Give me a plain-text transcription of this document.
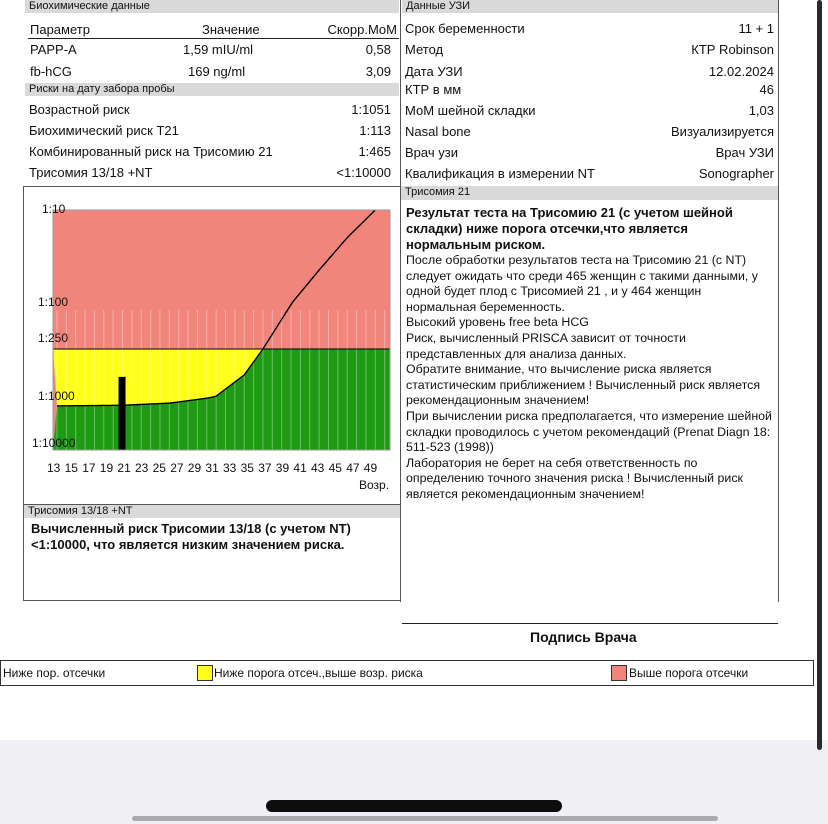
Биохимические данные
Параметр	Значение	Скорр.МоМ
PAPP-A	1,59 mIU/ml	0,58
fb-hCG	169 ng/ml	3,09
Риски на дату забора пробы
Возрастной риск	1:1051
Биохимический риск T21	1:113
Комбинированный риск на Трисомию 21	1:465
Трисомия 13/18 +NT	<1:10000
Данные УЗИ
Срок беременности	11 + 1
Метод	КТР Robinson
Дата УЗИ	12.02.2024
КТР в мм	46
МоМ шейной складки	1,03
Nasal bone	Визуализируется
Врач узи	Врач УЗИ
Квалификация в измерении NT	Sonographer
Возр.
1:10
1:100
1:250
1:1000
1:10000
13 15 17 19 21 23 25 27 29 31 33 35 37 39 41 43 45 47 49
Трисомия 21

Результат теста на Трисомию 21 (с учетом шейной складки) ниже порога отсечки,что является нормальным риском.

После обработки результатов теста на Трисомию 21 (с NT) следует ожидать что среди 465 женщин с такими данными, у одной будет плод с Трисомией 21 , и у 464 женщин нормальная беременность.

Высокий уровень free beta HCG

Риск, вычисленный PRISCA зависит от точности представленных для анализа данных.

Обратите внимание, что вычисление риска является статистическим приближением ! Вычисленный риск является рекомендационным значением!

При вычислении риска предполагается, что измерение шейной складки проводилось с учетом рекомендаций (Prenat Diagn 18: 511-523 (1998))

Лаборатория не берет на себя ответственность по определению точного значения риска ! Вычисленный риск является рекомендационным значением!

Трисомия 13/18 +NT
Вычисленный риск Трисомии 13/18 (с учетом NT) <1:10000, что является низким значением риска.
Подпись Врача
Ниже пор. отсечки	Ниже порога отсеч.,выше возр. риска	Выше порога отсечки
